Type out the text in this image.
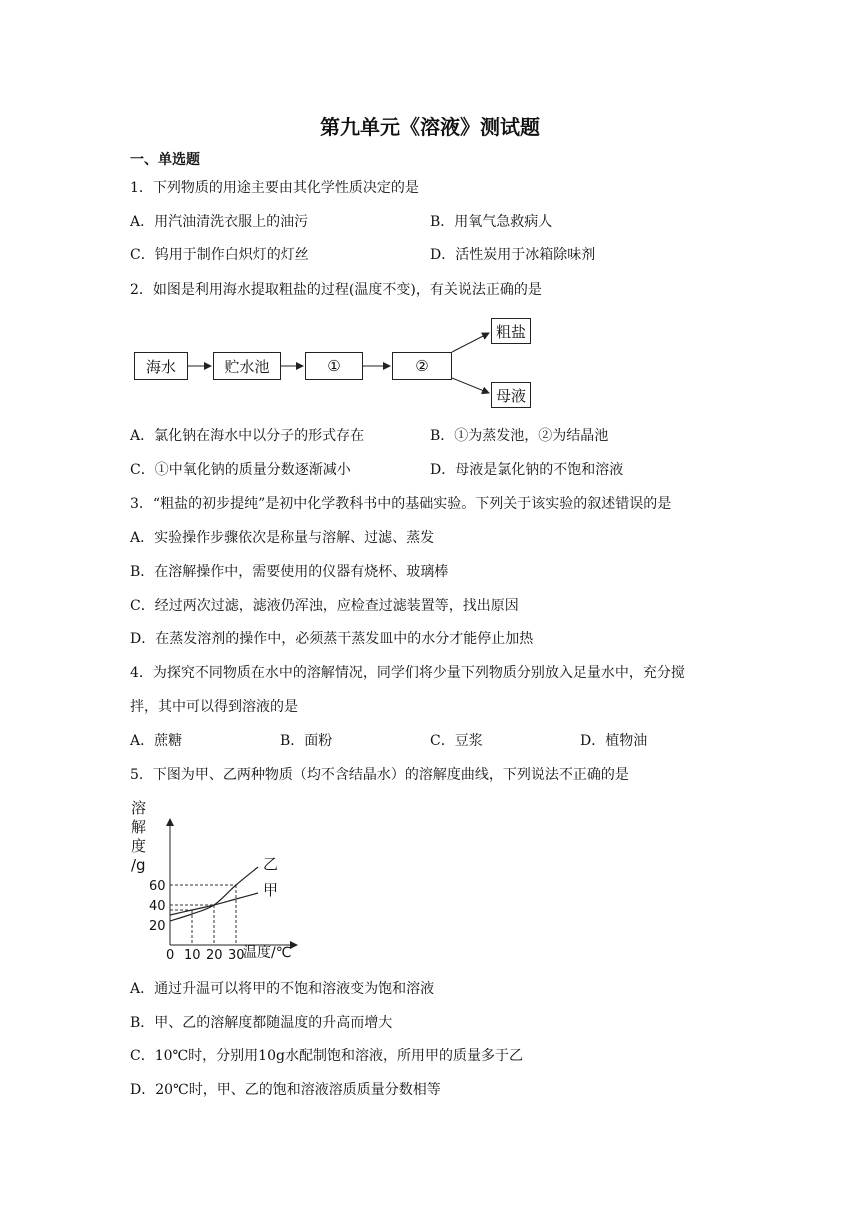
第九单元《溶液》测试题
一、单选题
1．下列物质的用途主要由其化学性质决定的是
A．用汽油清洗衣服上的油污	B．用氧气急救病人
C．钨用于制作白炽灯的灯丝	D．活性炭用于冰箱除味剂
2．如图是利用海水提取粗盐的过程(温度不变)，有关说法正确的是
海水	贮水池	①	②
粗盐
母液
A．氯化钠在海水中以分子的形式存在	B．①为蒸发池，②为结晶池
C．①中氧化钠的质量分数逐渐减小	D．母液是氯化钠的不饱和溶液
3．“粗盐的初步提纯”是初中化学教科书中的基础实验。下列关于该实验的叙述错误的是
A．实验操作步骤依次是称量与溶解、过滤、蒸发
B．在溶解操作中，需要使用的仪器有烧杯、玻璃棒
C．经过两次过滤，滤液仍浑浊，应检查过滤装置等，找出原因
D．在蒸发溶剂的操作中，必须蒸干蒸发皿中的水分才能停止加热
4．为探究不同物质在水中的溶解情况，同学们将少量下列物质分别放入足量水中，充分搅
拌，其中可以得到溶液的是
A．蔗糖	B．面粉	C．豆浆	D．植物油
5．下图为甲、乙两种物质（均不含结晶水）的溶解度曲线，下列说法不正确的是
乙
甲
溶
解
度
/g
0 10 20 30
20
40
60
温度/℃
A．通过升温可以将甲的不饱和溶液变为饱和溶液
B．甲、乙的溶解度都随温度的升高而增大
C．10℃时，分别用10g水配制饱和溶液，所用甲的质量多于乙
D．20℃时，甲、乙的饱和溶液溶质质量分数相等
